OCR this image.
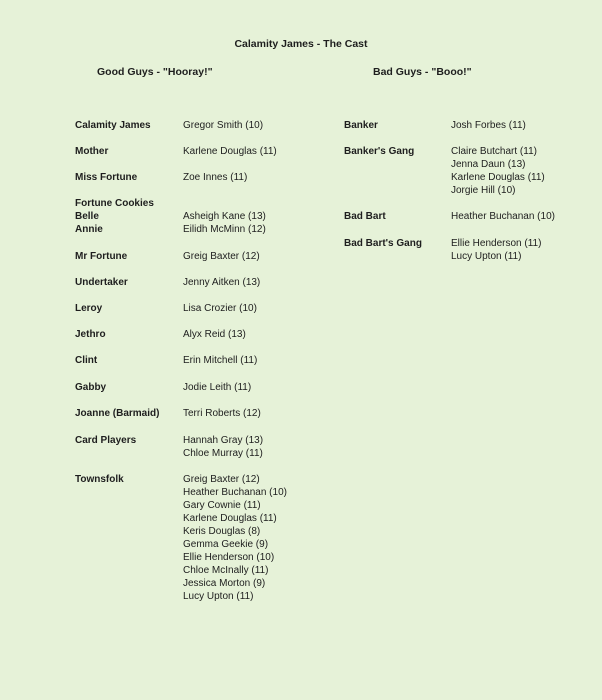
Calamity James - The Cast
Good Guys - "Hooray!"	Bad Guys - "Booo!"
Calamity James	Gregor Smith (10)
Mother	Karlene Douglas (11)
Miss Fortune	Zoe Innes (11)
Fortune Cookies
Belle	Asheigh Kane (13)
Annie	Eilidh McMinn (12)
Mr Fortune	Greig Baxter (12)
Undertaker	Jenny Aitken (13)
Leroy	Lisa Crozier (10)
Jethro	Alyx Reid (13)
Clint	Erin Mitchell (11)
Gabby	Jodie Leith (11)
Joanne (Barmaid) Terri Roberts (12)
Card Players	Hannah Gray (13)
Chloe Murray (11)
Townsfolk	Greig Baxter (12)
Heather Buchanan (10)
Gary Cownie (11)
Karlene Douglas (11)
Keris Douglas (8)
Gemma Geekie (9)
Ellie Henderson (10)
Chloe McInally (11)
Jessica Morton (9)
Lucy Upton (11)
Banker	Josh Forbes (11)
Banker's Gang	Claire Butchart (11)
Jenna Daun (13)
Karlene Douglas (11)
Jorgie Hill (10)
Bad Bart	Heather Buchanan (10)
Bad Bart's Gang	Ellie Henderson (11)
Lucy Upton (11)
